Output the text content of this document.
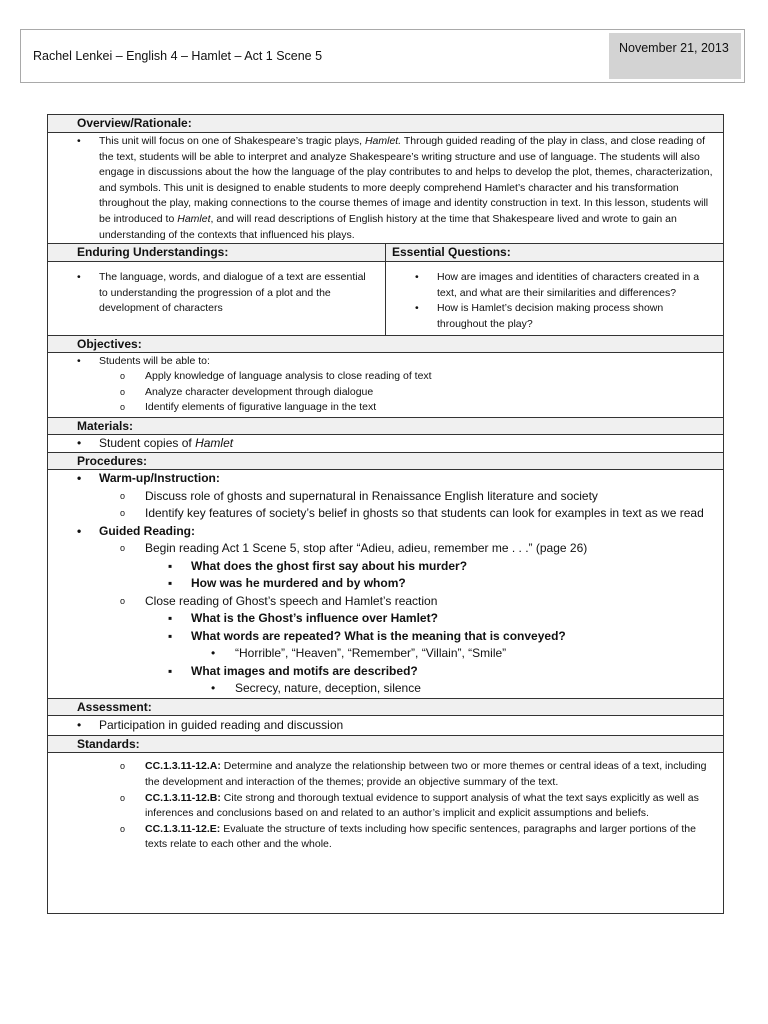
Rachel Lenkei – English 4 – Hamlet – Act 1 Scene 5
November 21, 2013
Overview/Rationale:
• This unit will focus on one of Shakespeare’s tragic plays, Hamlet. Through guided reading of the play in class, and close reading of the text, students will be able to interpret and analyze Shakespeare’s writing structure and use of language. The students will also engage in discussions about the how the language of the play contributes to and helps to develop the plot, themes, characterization, and symbols. This unit is designed to enable students to more deeply comprehend Hamlet’s character and his transformation throughout the play, making connections to the course themes of image and identity construction in text. In this lesson, students will be introduced to Hamlet, and will read descriptions of English history at the time that Shakespeare lived and wrote to gain an understanding of the contexts that influenced his plays.
Enduring Understandings:
• The language, words, and dialogue of a text are essential to understanding the progression of a plot and the development of characters
Essential Questions:
• How are images and identities of characters created in a text, and what are their similarities and differences?
• How is Hamlet’s decision making process shown throughout the play?
Objectives:
• Students will be able to:
o Apply knowledge of language analysis to close reading of text
o Analyze character development through dialogue
o Identify elements of figurative language in the text
Materials:
• Student copies of Hamlet
Procedures:
• Warm-up/Instruction:
o Discuss role of ghosts and supernatural in Renaissance English literature and society
o Identify key features of society’s belief in ghosts so that students can look for examples in text as we read
• Guided Reading:
o Begin reading Act 1 Scene 5, stop after “Adieu, adieu, remember me . . .” (page 26)
▪ What does the ghost first say about his murder?
▪ How was he murdered and by whom?
o Close reading of Ghost’s speech and Hamlet’s reaction
▪ What is the Ghost’s influence over Hamlet?
▪ What words are repeated? What is the meaning that is conveyed?
• “Horrible”, “Heaven”, “Remember”, “Villain”, “Smile”
▪ What images and motifs are described?
• Secrecy, nature, deception, silence
Assessment:
• Participation in guided reading and discussion
Standards:
o CC.1.3.11-12.A: Determine and analyze the relationship between two or more themes or central ideas of a text, including the development and interaction of the themes; provide an objective summary of the text.
o CC.1.3.11-12.B: Cite strong and thorough textual evidence to support analysis of what the text says explicitly as well as inferences and conclusions based on and related to an author’s implicit and explicit assumptions and beliefs.
o CC.1.3.11-12.E: Evaluate the structure of texts including how specific sentences, paragraphs and larger portions of the texts relate to each other and the whole.
